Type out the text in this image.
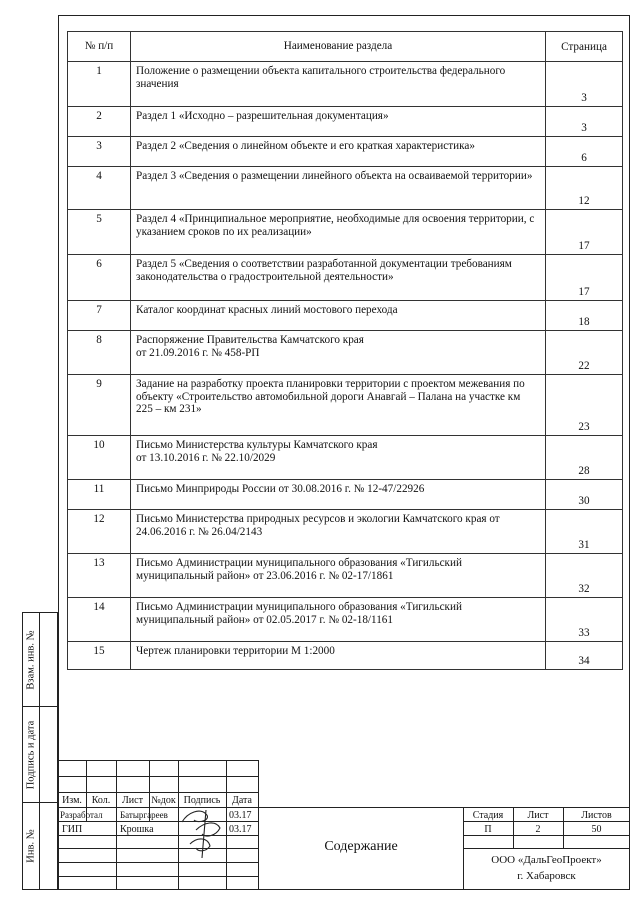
Взам. инв. №
Подпись и дата
Инв. №
№ п/п	Наименование раздела	Страница
1	Положение о размещении объекта капитального строительства федерального значения	3
2	Раздел 1 «Исходно – разрешительная документация»	3
3	Раздел 2 «Сведения о линейном объекте и его краткая характеристика»	6
4	Раздел 3 «Сведения о размещении линейного объекта на осваиваемой территории»	12
5	Раздел 4 «Принципиальное мероприятие, необходимые для освоения территории, с указанием сроков по их реализации»	17
6	Раздел 5 «Сведения о соответствии разработанной документации требованиям законодательства о градостроительной деятельности»	17
7	Каталог координат красных линий мостового перехода	18
8	Распоряжение Правительства Камчатского края
от 21.09.2016 г. № 458-РП	22
9	Задание на разработку проекта планировки территории с проектом межевания по объекту «Строительство автомобильной дороги Анавгай – Палана на участке км 225 – км 231»	23
10	Письмо Министерства культуры Камчатского края
от 13.10.2016 г. № 22.10/2029	28
11	Письмо Минприроды России от 30.08.2016 г. № 12-47/22926	30
12	Письмо Министерства природных ресурсов и экологии Камчатского края от 24.06.2016 г. № 26.04/2143	31
13	Письмо Администрации муниципального образования «Тигильский муниципальный район» от 23.06.2016 г. № 02-17/1861	32
14	Письмо Администрации муниципального образования «Тигильский муниципальный район» от 02.05.2017 г. № 02-18/1161	33
15	Чертеж планировки территории М 1:2000	34
Изм. Кол.	Лист №док Подпись	Дата
Разработал Батыргареев	03.17
ГИП	Крошка	03.17
Содержание
Стадия	Лист	Листов
П	2	50
ООО «ДальГеоПроект»
г. Хабаровск
